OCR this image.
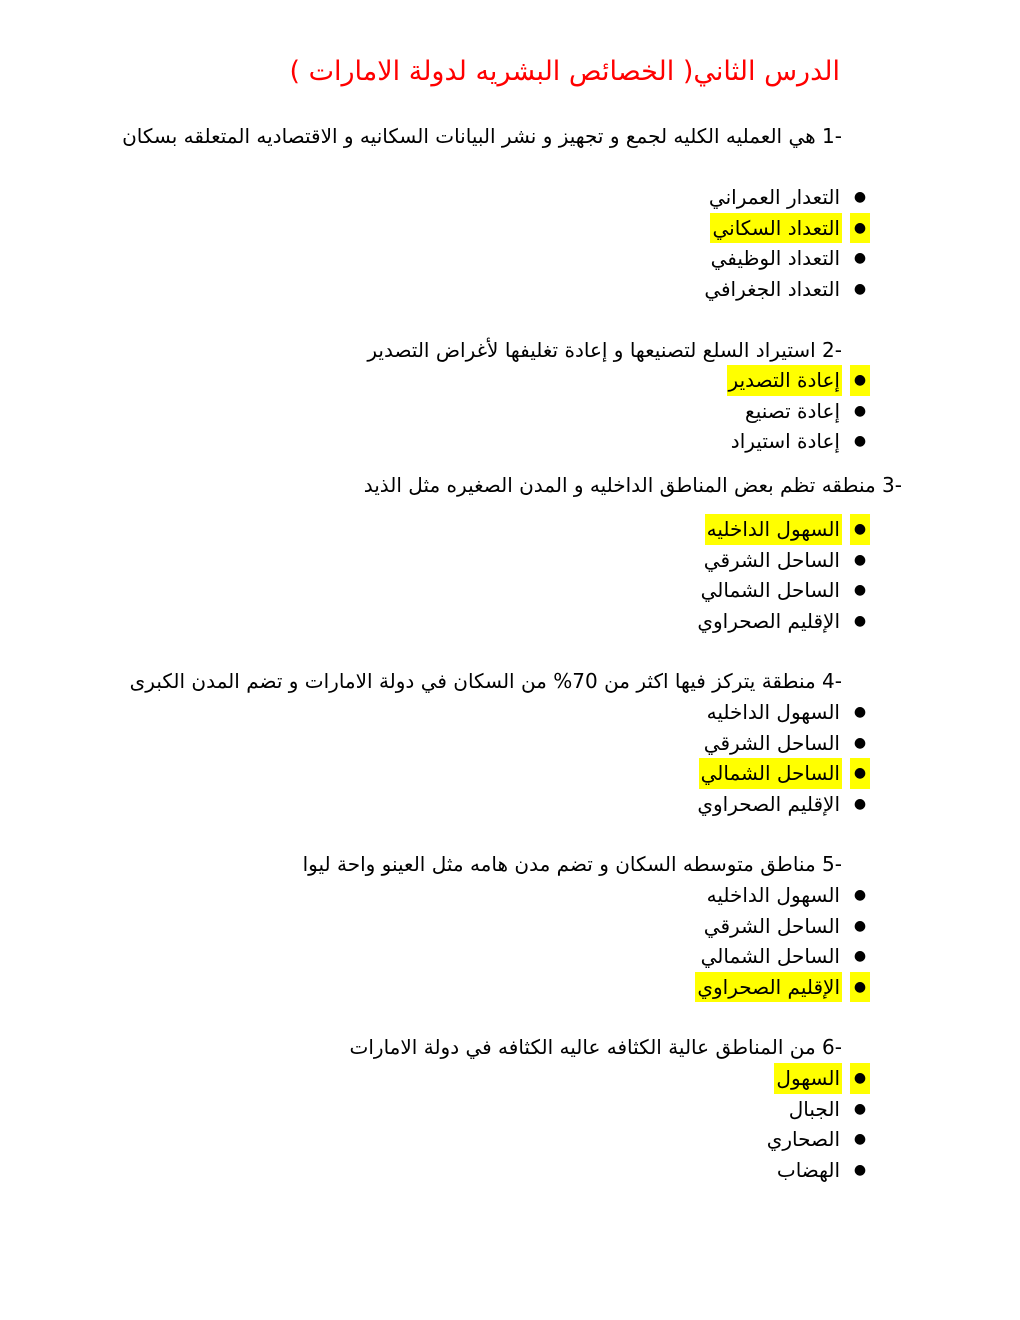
الدرس الثاني( الخصائص البشريه لدولة الامارات )
1- هي العمليه الكليه لجمع و تجهيز و نشر البيانات السكانيه و الاقتصاديه المتعلقه بسكان
●
التعدار العمراني
●
التعداد السكاني
●
التعداد الوظيفي
●
التعداد الجغرافي
2- استيراد السلع لتصنيعها و إعادة تغليفها لأغراض التصدير
●
إعادة التصدير
●
إعادة تصنيع
●
إعادة استيراد
3- منطقه تظم بعض المناطق الداخليه و المدن الصغيره مثل الذيد
●
السهول الداخليه
●
الساحل الشرقي
●
الساحل الشمالي
●
الإقليم الصحراوي
4- منطقة يتركز فيها اكثر من 70% من السكان في دولة الامارات و تضم المدن الكبرى
●
السهول الداخليه
●
الساحل الشرقي
●
الساحل الشمالي
●
الإقليم الصحراوي
5- مناطق متوسطه السكان و تضم مدن هامه مثل العينو واحة ليوا
●
السهول الداخليه
●
الساحل الشرقي
●
الساحل الشمالي
●
الإقليم الصحراوي
6- من المناطق عالية الكثافه عاليه الكثافه في دولة الامارات
●
السهول
●
الجبال
●
الصحاري
●
الهضاب
